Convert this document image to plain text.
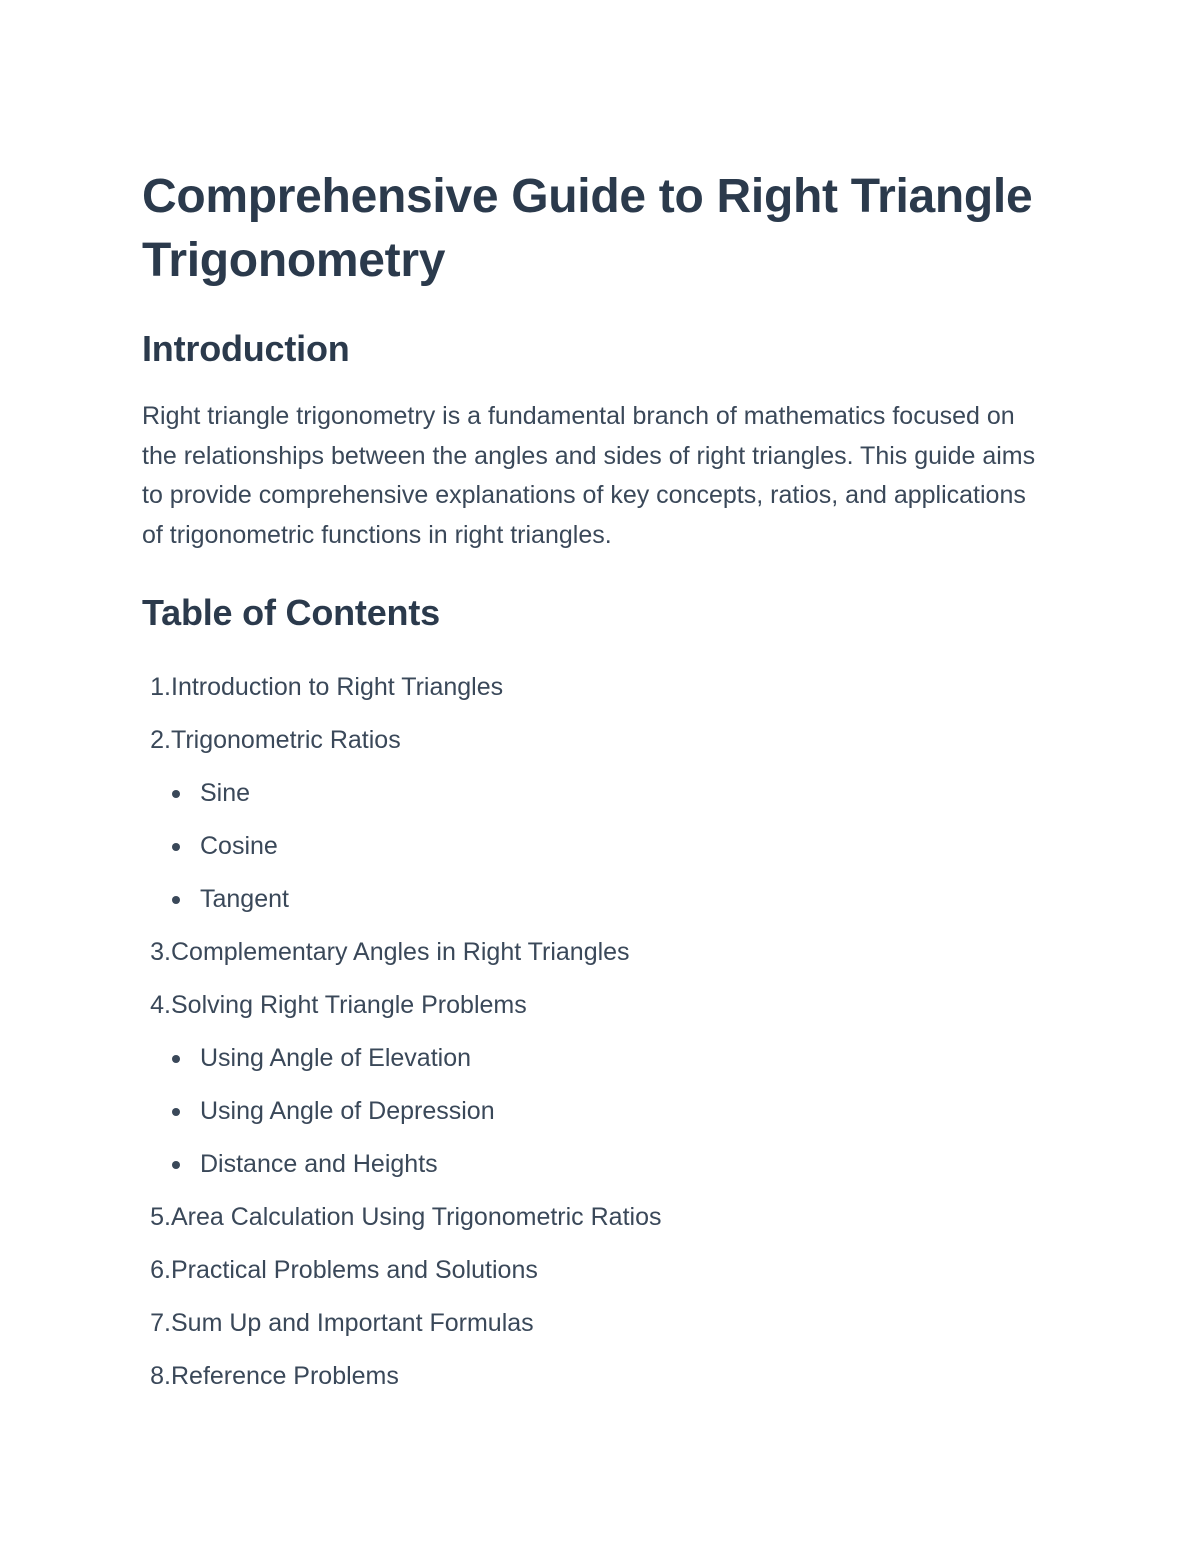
Comprehensive Guide to Right Triangle Trigonometry
Introduction

Right triangle trigonometry is a fundamental branch of mathematics focused on the relationships between the angles and sides of right triangles. This guide aims to provide comprehensive explanations of key concepts, ratios, and applications of trigonometric functions in right triangles.

Table of Contents
1. Introduction to Right Triangles
2. Trigonometric Ratios
Sine
Cosine
Tangent
3. Complementary Angles in Right Triangles
4. Solving Right Triangle Problems
Using Angle of Elevation
Using Angle of Depression
Distance and Heights
5. Area Calculation Using Trigonometric Ratios
6. Practical Problems and Solutions
7. Sum Up and Important Formulas
8. Reference Problems
